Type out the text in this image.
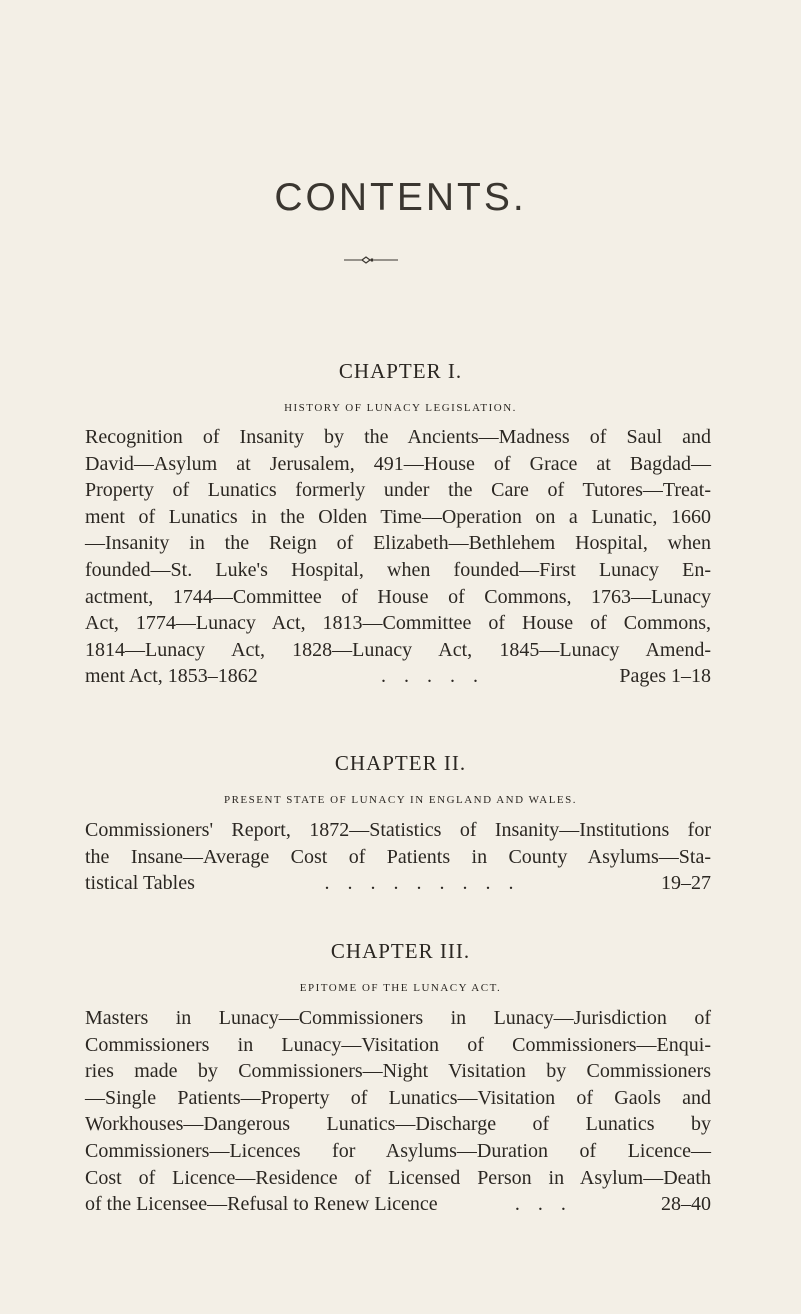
CONTENTS.
CHAPTER I.
HISTORY OF LUNACY LEGISLATION.
Recognition of Insanity by the Ancients—Madness of Saul and
David—Asylum at Jerusalem, 491—House of Grace at Bagdad—
Property of Lunatics formerly under the Care of Tutores—Treat-
ment of Lunatics in the Olden Time—Operation on a Lunatic, 1660
—Insanity in the Reign of Elizabeth—Bethlehem Hospital, when
founded—St. Luke's Hospital, when founded—First Lunacy En-
actment, 1744—Committee of House of Commons, 1763—Lunacy
Act, 1774—Lunacy Act, 1813—Committee of House of Commons,
1814—Lunacy Act, 1828—Lunacy Act, 1845—Lunacy Amend-
ment Act, 1853–1862	.....	Pages 1–18
CHAPTER II.
PRESENT STATE OF LUNACY IN ENGLAND AND WALES.
Commissioners' Report, 1872—Statistics of Insanity—Institutions for
the Insane—Average Cost of Patients in County Asylums—Sta-
tistical Tables	.........	19–27
CHAPTER III.
EPITOME OF THE LUNACY ACT.
Masters in Lunacy—Commissioners in Lunacy—Jurisdiction of
Commissioners in Lunacy—Visitation of Commissioners—Enqui-
ries made by Commissioners—Night Visitation by Commissioners
—Single Patients—Property of Lunatics—Visitation of Gaols and
Workhouses—Dangerous Lunatics—Discharge of Lunatics by
Commissioners—Licences for Asylums—Duration of Licence—
Cost of Licence—Residence of Licensed Person in Asylum—Death
of the Licensee—Refusal to Renew Licence	...	28–40
